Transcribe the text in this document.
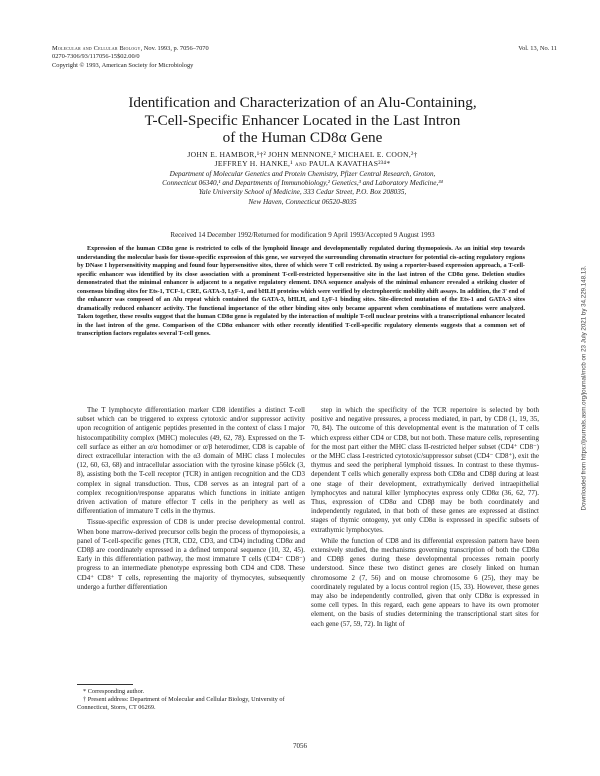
Molecular and Cellular Biology, Nov. 1993, p. 7056–7070
0270-7306/93/117056-15$02.00/0
Copyright © 1993, American Society for Microbiology
Vol. 13, No. 11
Identification and Characterization of an Alu-Containing,
T-Cell-Specific Enhancer Located in the Last Intron
of the Human CD8α Gene
JOHN E. HAMBOR,¹†² JOHN MENNONE,² MICHAEL E. COON,²†
JEFFREY H. HANKE,¹ and PAULA KAVATHAS²³⁴*
Department of Molecular Genetics and Protein Chemistry, Pfizer Central Research, Groton,
Connecticut 06340,¹ and Departments of Immunobiology,² Genetics,³ and Laboratory Medicine,³⁴
Yale University School of Medicine, 333 Cedar Street, P.O. Box 208035,
New Haven, Connecticut 06520-8035
Received 14 December 1992/Returned for modification 9 April 1993/Accepted 9 August 1993
Expression of the human CD8α gene is restricted to cells of the lymphoid lineage and developmentally regulated during thymopoiesis. As an initial step towards understanding the molecular basis for tissue-specific expression of this gene, we surveyed the surrounding chromatin structure for potential cis-acting regulatory regions by DNase I hypersensitivity mapping and found four hypersensitive sites, three of which were T cell restricted. By using a reporter-based expression approach, a T-cell-specific enhancer was identified by its close association with a prominent T-cell-restricted hypersensitive site in the last intron of the CD8α gene. Deletion studies demonstrated that the minimal enhancer is adjacent to a negative regulatory element. DNA sequence analysis of the minimal enhancer revealed a striking cluster of consensus binding sites for Ets-1, TCF-1, CRE, GATA-3, LyF-1, and bHLH proteins which were verified by electrophoretic mobility shift assays. In addition, the 3' end of the enhancer was composed of an Alu repeat which contained the GATA-3, bHLH, and LyF-1 binding sites. Site-directed mutation of the Ets-1 and GATA-3 sites dramatically reduced enhancer activity. The functional importance of the other binding sites only became apparent when combinations of mutations were analyzed. Taken together, these results suggest that the human CD8α gene is regulated by the interaction of multiple T-cell nuclear proteins with a transcriptional enhancer located in the last intron of the gene. Comparison of the CD8α enhancer with other recently identified T-cell-specific regulatory elements suggests that a common set of transcription factors regulates several T-cell genes.

The T lymphocyte differentiation marker CD8 identifies a distinct T-cell subset which can be triggered to express cytotoxic and/or suppressor activity upon recognition of antigenic peptides presented in the context of class I major histocompatibility complex (MHC) molecules (49, 62, 78). Expressed on the T-cell surface as either an α/α homodimer or α/β heterodimer, CD8 is capable of direct extracellular interaction with the α3 domain of MHC class I molecules (12, 60, 63, 68) and intracellular association with the tyrosine kinase p56lck (3, 8), assisting both the T-cell receptor (TCR) in antigen recognition and the CD3 complex in signal transduction. Thus, CD8 serves as an integral part of a complex recognition/response apparatus which functions in initiate antigen driven activation of mature effector T cells in the periphery as well as differentiation of immature T cells in the thymus.

Tissue-specific expression of CD8 is under precise developmental control. When bone marrow-derived precursor cells begin the process of thymopoiesis, a panel of T-cell-specific genes (TCR, CD2, CD3, and CD4) including CD8α and CD8β are coordinately expressed in a defined temporal sequence (10, 32, 45). Early in this differentiation pathway, the most immature T cells (CD4⁻ CD8⁻) progress to an intermediate phenotype expressing both CD4 and CD8. These CD4⁺ CD8⁺ T cells, representing the majority of thymocytes, subsequently undergo a further differentiation

step in which the specificity of the TCR repertoire is selected by both positive and negative pressures, a process mediated, in part, by CD8 (1, 19, 35, 70, 84). The outcome of this developmental event is the maturation of T cells which express either CD4 or CD8, but not both. These mature cells, representing for the most part either the MHC class II-restricted helper subset (CD4⁺ CD8⁻) or the MHC class I-restricted cytotoxic/suppressor subset (CD4⁻ CD8⁺), exit the thymus and seed the peripheral lymphoid tissues. In contrast to these thymus-dependent T cells which generally express both CD8α and CD8β during at least one stage of their development, extrathymically derived intraepithelial lymphocytes and natural killer lymphocytes express only CD8α (36, 62, 77). Thus, expression of CD8α and CD8β may be both coordinately and independently regulated, in that both of these genes are expressed at distinct stages of thymic ontogeny, yet only CD8α is expressed in specific subsets of extrathymic lymphocytes.

While the function of CD8 and its differential expression pattern have been extensively studied, the mechanisms governing transcription of both the CD8α and CD8β genes during these developmental processes remain poorly understood. Since these two distinct genes are closely linked on human chromosome 2 (7, 56) and on mouse chromosome 6 (25), they may be coordinately regulated by a locus control region (15, 33). However, these genes may also be independently controlled, given that only CD8α is expressed in some cell types. In this regard, each gene appears to have its own promoter element, on the basis of studies determining the transcriptional start sites for each gene (57, 59, 72). In light of

* Corresponding author.
† Present address: Department of Molecular and Cellular Biology, University of Connecticut, Storrs, CT 06269.
7056
Downloaded from https://journals.asm.org/journal/mcb on 23 July 2021 by 34.229.148.13.
